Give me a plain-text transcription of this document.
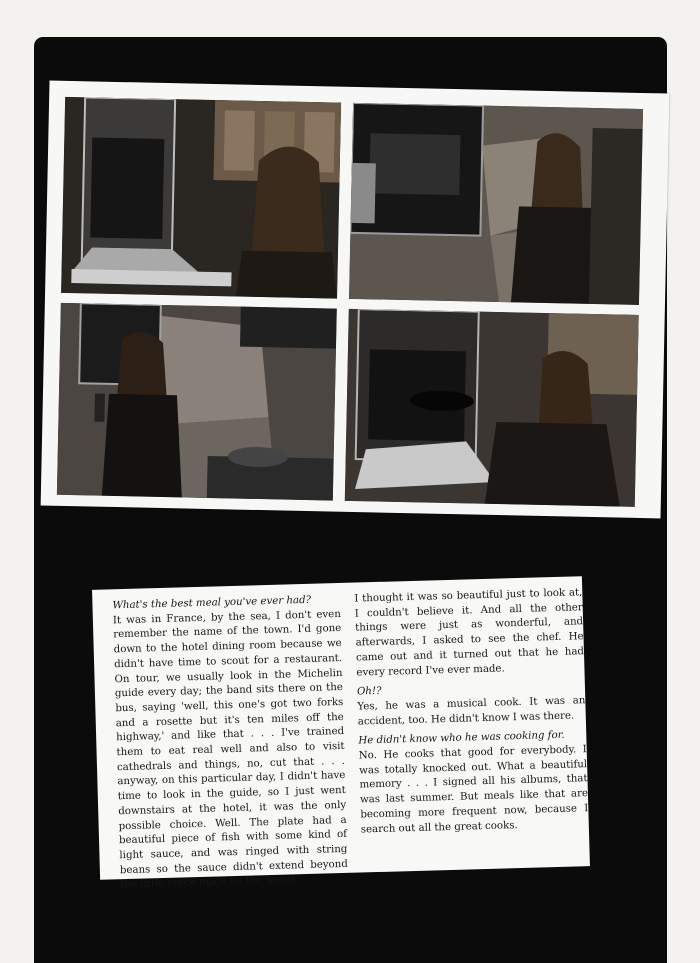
What's the best meal you've ever had?

It was in France, by the sea, I don't even remember the name of the town. I'd gone down to the hotel dining room because we didn't have time to scout for a restaurant. On tour, we usually look in the Michelin guide every day; the band sits there on the bus, saying 'well, this one's got two forks and a rosette but it's ten miles off the highway,' and like that . . . I've trained them to eat real well and also to visit cathedrals and things, no, cut that . . . anyway, on this particular day, I didn't have time to look in the guide, so I just went downstairs at the hotel, it was the only possible choice. Well. The plate had a beautiful piece of fish with some kind of light sauce, and was ringed with string beans so the sauce didn't extend beyond the little fence made by the beans.

I thought it was so beautiful just to look at, I couldn't believe it. And all the other things were just as wonderful, and afterwards, I asked to see the chef. He came out and it turned out that he had every record I've ever made.

Oh!?

Yes, he was a musical cook. It was an accident, too. He didn't know I was there.

He didn't know who he was cooking for.

No. He cooks that good for everybody. I was totally knocked out. What a beautiful memory . . . I signed all his albums, that was last summer. But meals like that are becoming more frequent now, because I search out all the great cooks.
